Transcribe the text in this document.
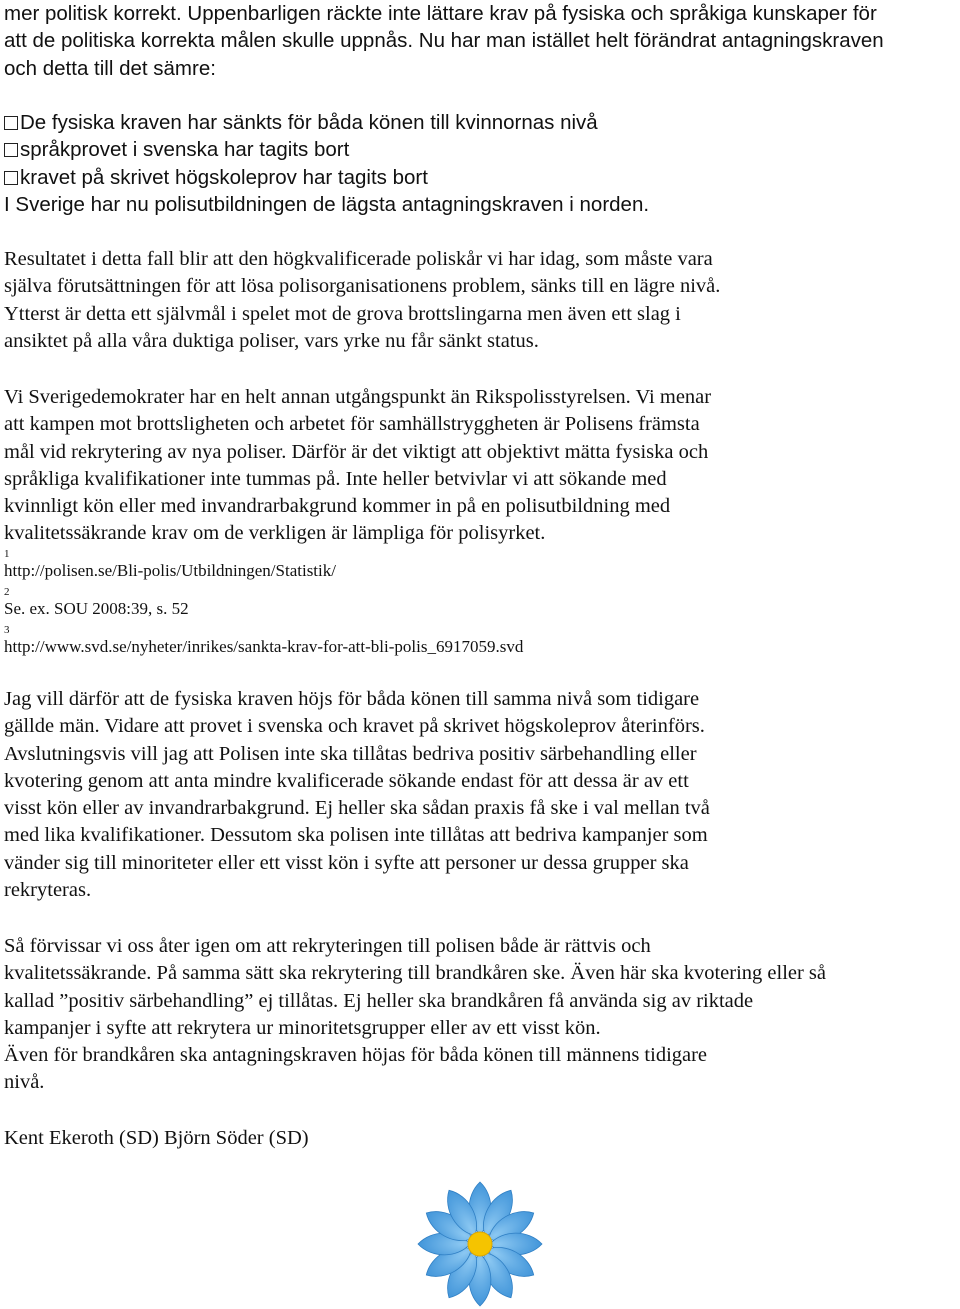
mer politisk korrekt. Uppenbarligen räckte inte lättare krav på fysiska och språkiga kunskaper för
att de politiska korrekta målen skulle uppnås. Nu har man istället helt förändrat antagningskraven
och detta till det sämre:
De fysiska kraven har sänkts för båda könen till kvinnornas nivå
språkprovet i svenska har tagits bort
kravet på skrivet högskoleprov har tagits bort
I Sverige har nu polisutbildningen de lägsta antagningskraven i norden.
Resultatet i detta fall blir att den högkvalificerade poliskår vi har idag, som måste vara
själva förutsättningen för att lösa polisorganisationens problem, sänks till en lägre nivå.
Ytterst är detta ett självmål i spelet mot de grova brottslingarna men även ett slag i
ansiktet på alla våra duktiga poliser, vars yrke nu får sänkt status.
Vi Sverigedemokrater har en helt annan utgångspunkt än Rikspolisstyrelsen. Vi menar
att kampen mot brottsligheten och arbetet för samhällstryggheten är Polisens främsta
mål vid rekrytering av nya poliser. Därför är det viktigt att objektivt mätta fysiska och
språkliga kvalifikationer inte tummas på. Inte heller betvivlar vi att sökande med
kvinnligt kön eller med invandrarbakgrund kommer in på en polisutbildning med
kvalitetssäkrande krav om de verkligen är lämpliga för polisyrket.
1
http://polisen.se/Bli-polis/Utbildningen/Statistik/
2
Se. ex. SOU 2008:39, s. 52
3
http://www.svd.se/nyheter/inrikes/sankta-krav-for-att-bli-polis_6917059.svd
Jag vill därför att de fysiska kraven höjs för båda könen till samma nivå som tidigare
gällde män. Vidare att provet i svenska och kravet på skrivet högskoleprov återinförs.
Avslutningsvis vill jag att Polisen inte ska tillåtas bedriva positiv särbehandling eller
kvotering genom att anta mindre kvalificerade sökande endast för att dessa är av ett
visst kön eller av invandrarbakgrund. Ej heller ska sådan praxis få ske i val mellan två
med lika kvalifikationer. Dessutom ska polisen inte tillåtas att bedriva kampanjer som
vänder sig till minoriteter eller ett visst kön i syfte att personer ur dessa grupper ska
rekryteras.
Så förvissar vi oss åter igen om att rekryteringen till polisen både är rättvis och
kvalitetssäkrande. På samma sätt ska rekrytering till brandkåren ske. Även här ska kvotering eller så
kallad ”positiv särbehandling” ej tillåtas. Ej heller ska brandkåren få använda sig av riktade
kampanjer i syfte att rekrytera ur minoritetsgrupper eller av ett visst kön.
Även för brandkåren ska antagningskraven höjas för båda könen till männens tidigare
nivå.
Kent Ekeroth (SD) Björn Söder (SD)
